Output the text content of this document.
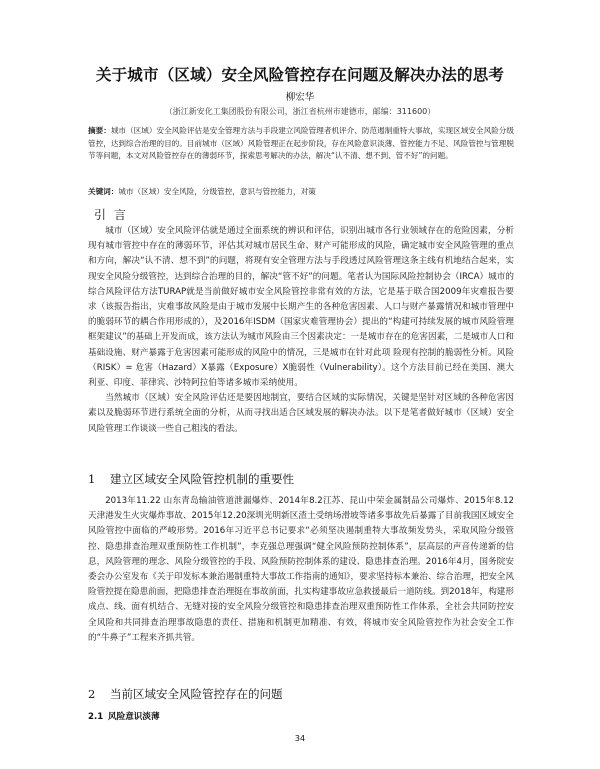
关于城市（区域）安全风险管控存在问题及解决办法的思考
柳宏华
（浙江新安化工集团股份有限公司，浙江省杭州市建德市，邮编：311600）
摘要：城市（区域）安全风险评估是安全管理方法与手段建立风险管理者机评介、防范遏制重特大事故，实现区域安全风险分级管控，达到综合治理的目的。目前城市（区域）风险管理正在起步阶段，存在风险意识淡薄、管控能力不足、风险管控与管理脱节等问题，本文对风险管控存在的薄弱环节，探索思考解决的办法，解决“认不清、想不到、管不好”的问题。
关键词：城市（区域）安全风险，分级管控，意识与管控能力，对策
引言

城市（区域）安全风险评估就是通过全面系统的辨识和评估，识别出城市各行业领域存在的危险因素，分析现有城市管控中存在的薄弱环节，评估其对城市居民生命、财产可能形成的风险，确定城市安全风险管理的重点和方向，解决“认不清、想不到”的问题，将现有安全管理方法与手段透过风险管理这条主线有机地结合起来，实现安全风险分级管控，达到综合治理的目的，解决“管不好”的问题。笔者认为国际风险控制协会（IRCA）城市的综合风险评估方法TURAP就是当前做好城市安全风险管控非常有效的方法，它是基于联合国2009年灾难报告要求（该报告指出，灾难事故风险是由于城市发展中长期产生的各种危害因素、人口与财产暴露情况和城市管理中的脆弱环节的耦合作用形成的），及2016年ISDM（国家灾难管理协会）提出的“构建可持续发展的城市风险管理框架建议”的基础上开发而成，该方法认为城市风险由三个因素决定：一是城市存在的危害因素，二是城市人口和基础设施、财产暴露于危害因素可能形成的风险中的情况，三是城市在针对此项 险现有控制的脆弱性分析。风险（RISK）= 危害（Hazard）X暴露（Exposure）X脆弱性（Vulnerability）。这个方法目前已经在美国、澳大利亚、印度、菲律宾、沙特阿拉伯等诸多城市采纳使用。

当然城市（区域）安全风险评估还是要因地制宜，要结合区域的实际情况，关键是坚针对区域的各种危害因素以及脆弱环节进行系统全面的分析，从而寻找出适合区域发展的解决办法。以下是笔者做好城市（区域）安全风险管理工作谈谈一些自己粗浅的看法。

1 建立区域安全风险管控机制的重要性

2013年11.22 山东青岛输油管道泄漏爆炸、2014年8.2江苏、昆山中荣金属制品公司爆炸、2015年8.12天津港发生火灾爆炸事故、2015年12.20深圳光明新区渣土受纳场滑坡等诸多事故先后暴露了目前我国区域安全风险管控中面临的严峻形势。2016年习近平总书记要求“必须坚决遏制重特大事故频发势头，采取风险分级管控、隐患排查治理双重预防性工作机制”，李克强总理强调“健全风险预防控制体系”，层高层的声音传递新的信息，风险管理的理念、风险分级管控的手段、风险预防控制体系的建设、隐患排查治理。2016年4月，国务院安委会办公室发布《关于印发标本兼治遏制重特大事故工作指南的通知》，要求坚持标本兼治、综合治理，把安全风险管控提在隐患前面，把隐患排查治理挺在事故前面，扎实构建事故应急救援最后一道防线。到2018年，构建形成点、线、面有机结合、无缝对接的安全风险分级管控和隐患排查治理双重预防性工作体系，全社会共同防控安全风险和共同排查治理事故隐患的责任、措施和机制更加精准、有效，将城市安全风险管控作为社会安全工作的“牛鼻子”工程来齐抓共管。

2 当前区域安全风险管控存在的问题
2.1 风险意识淡薄
34
